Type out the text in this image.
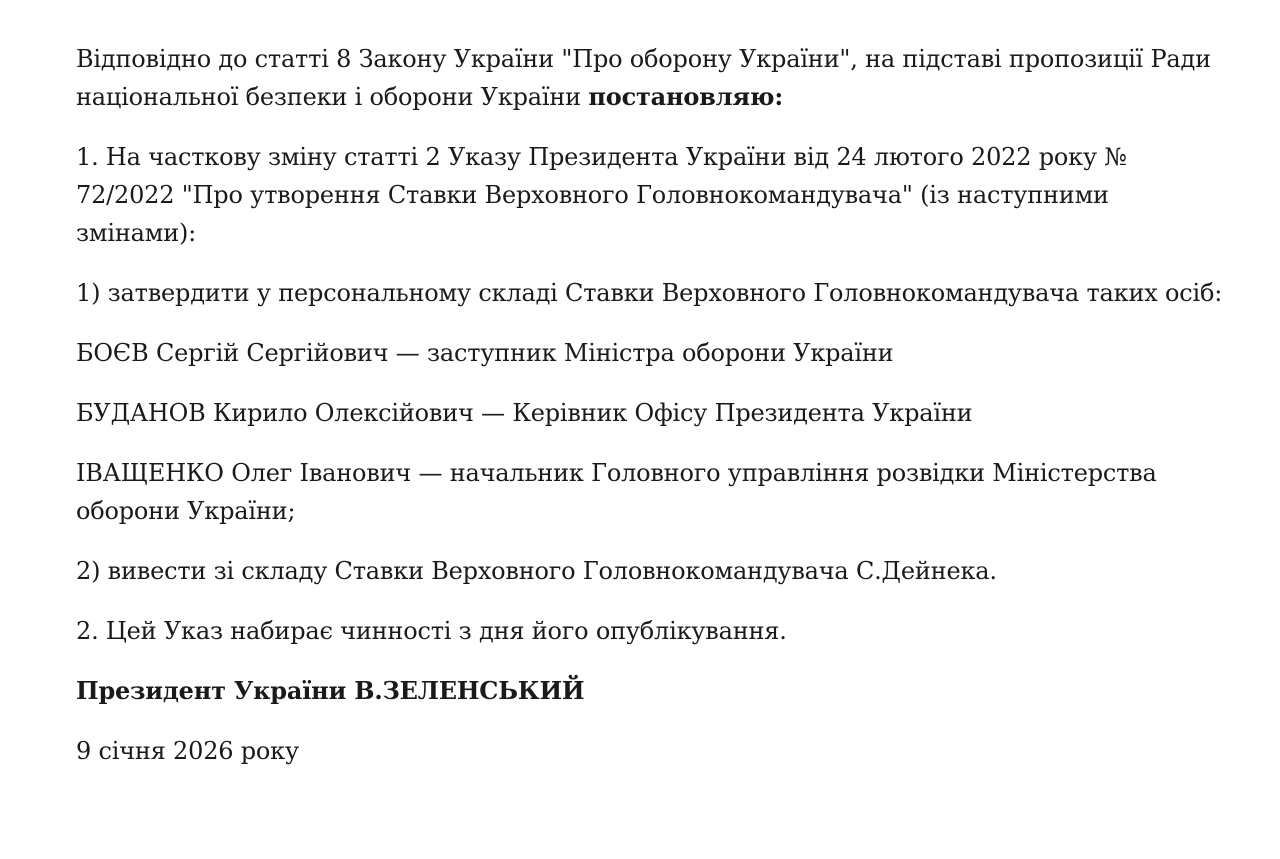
Відповідно до статті 8 Закону України "Про оборону України", на підставі пропозиції Ради національної безпеки і оборони України постановляю:

1. На часткову зміну статті 2 Указу Президента України від 24 лютого 2022 року № 72/2022 "Про утворення Ставки Верховного Головнокомандувача" (із наступними змінами):

1) затвердити у персональному складі Ставки Верховного Головнокомандувача таких осіб:

БОЄВ Сергій Сергійович — заступник Міністра оборони України

БУДАНОВ Кирило Олексійович — Керівник Офісу Президента України

ІВАЩЕНКО Олег Іванович — начальник Головного управління розвідки Міністерства оборони України;

2) вивести зі складу Ставки Верховного Головнокомандувача С.Дейнека.

2. Цей Указ набирає чинності з дня його опублікування.

Президент України В.ЗЕЛЕНСЬКИЙ

9 січня 2026 року
